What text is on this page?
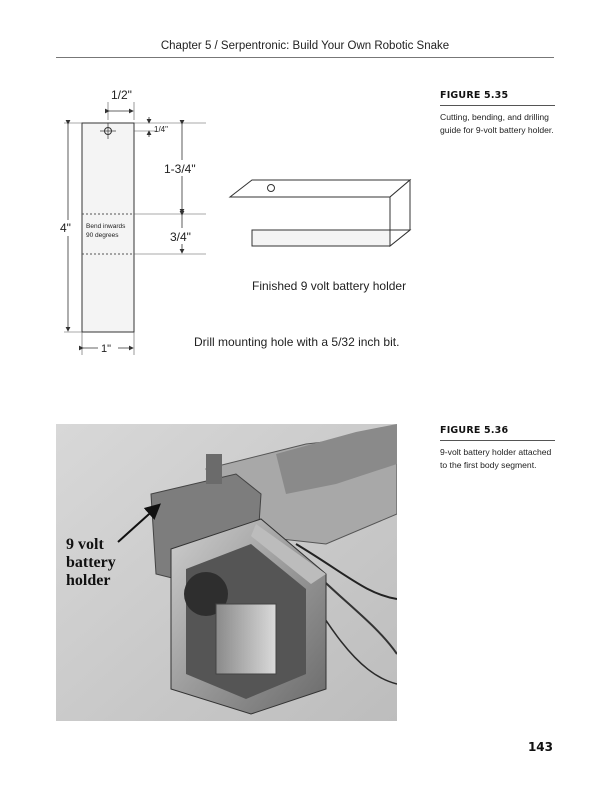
Chapter 5 / Serpentronic: Build Your Own Robotic Snake
Bend inwards
90 degrees
1/2"
1/4"
1-3/4"
3/4"
4"
1"
Finished 9 volt battery holder
Drill mounting hole with a 5/32 inch bit.
FIGURE 5.35
Cutting, bending, and drilling guide for 9-volt battery holder.
9 volt
battery
holder
FIGURE 5.36
9-volt battery holder attached to the first body segment.
143
